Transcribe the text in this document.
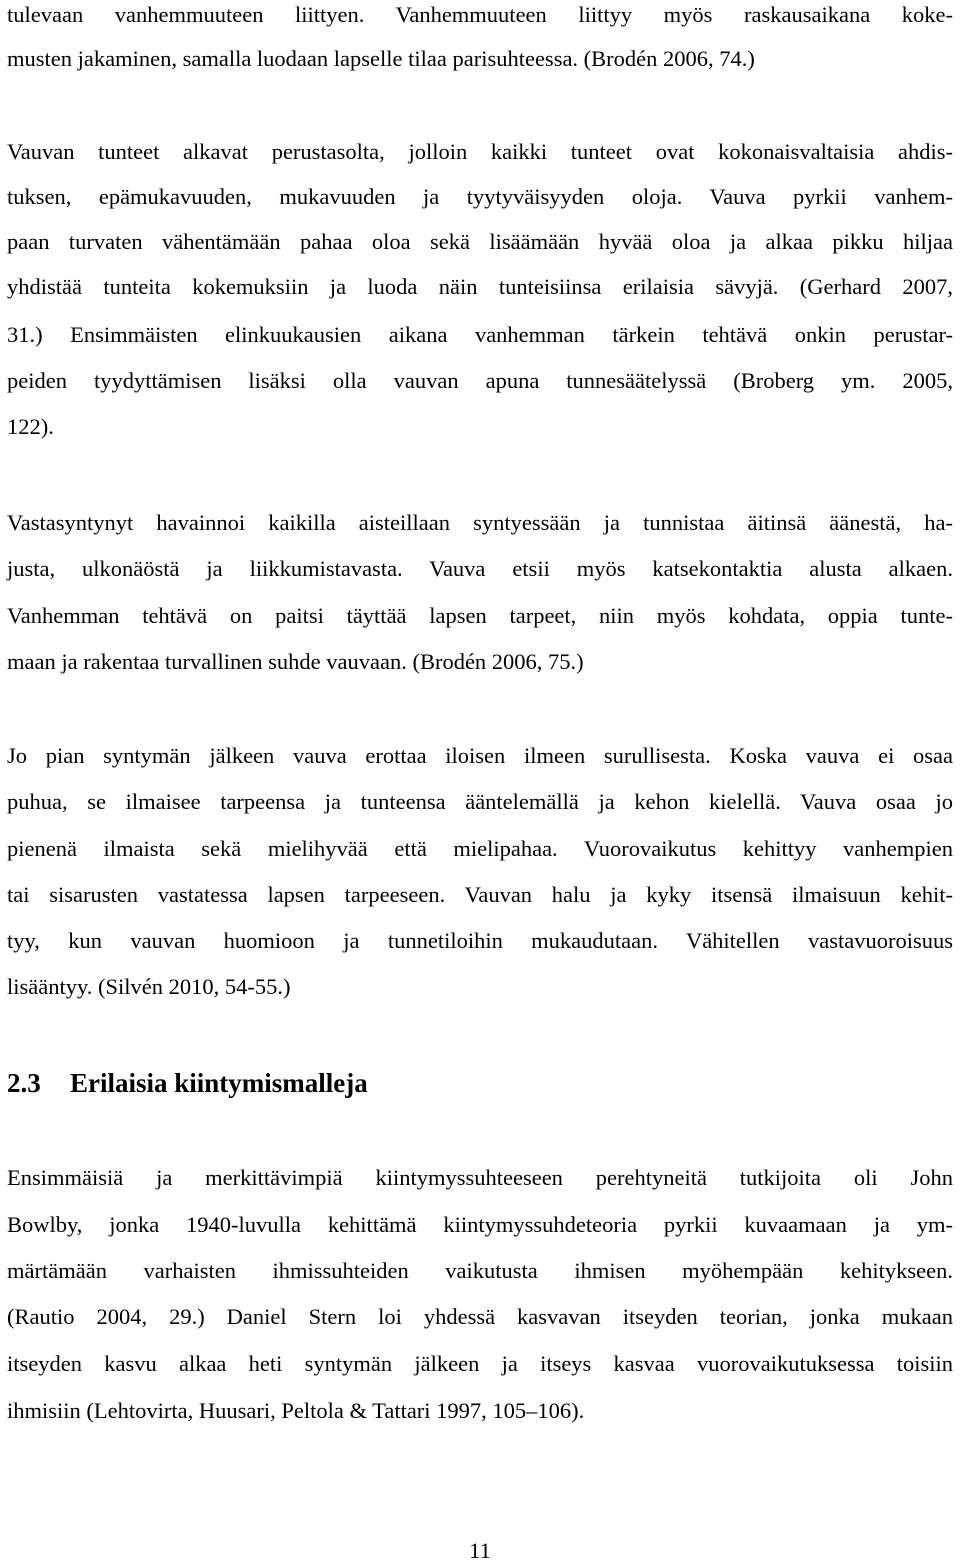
tulevaan vanhemmuuteen liittyen. Vanhemmuuteen liittyy myös raskausaikana koke-
musten jakaminen, samalla luodaan lapselle tilaa parisuhteessa. (Brodén 2006, 74.)
Vauvan tunteet alkavat perustasolta, jolloin kaikki tunteet ovat kokonaisvaltaisia ahdis-
tuksen, epämukavuuden, mukavuuden ja tyytyväisyyden oloja. Vauva pyrkii vanhem-
paan turvaten vähentämään pahaa oloa sekä lisäämään hyvää oloa ja alkaa pikku hiljaa
yhdistää tunteita kokemuksiin ja luoda näin tunteisiinsa erilaisia sävyjä. (Gerhard 2007,
31.) Ensimmäisten elinkuukausien aikana vanhemman tärkein tehtävä onkin perustar-
peiden tyydyttämisen lisäksi olla vauvan apuna tunnesäätelyssä (Broberg ym. 2005,
122).
Vastasyntynyt havainnoi kaikilla aisteillaan syntyessään ja tunnistaa äitinsä äänestä, ha-
justa, ulkonäöstä ja liikkumistavasta. Vauva etsii myös katsekontaktia alusta alkaen.
Vanhemman tehtävä on paitsi täyttää lapsen tarpeet, niin myös kohdata, oppia tunte-
maan ja rakentaa turvallinen suhde vauvaan. (Brodén 2006, 75.)
Jo pian syntymän jälkeen vauva erottaa iloisen ilmeen surullisesta. Koska vauva ei osaa
puhua, se ilmaisee tarpeensa ja tunteensa ääntelemällä ja kehon kielellä. Vauva osaa jo
pienenä ilmaista sekä mielihyvää että mielipahaa. Vuorovaikutus kehittyy vanhempien
tai sisarusten vastatessa lapsen tarpeeseen. Vauvan halu ja kyky itsensä ilmaisuun kehit-
tyy, kun vauvan huomioon ja tunnetiloihin mukaudutaan. Vähitellen vastavuoroisuus
lisääntyy. (Silvén 2010, 54-55.)
2.3 Erilaisia kiintymismalleja
Ensimmäisiä ja merkittävimpiä kiintymyssuhteeseen perehtyneitä tutkijoita oli John
Bowlby, jonka 1940-luvulla kehittämä kiintymyssuhdeteoria pyrkii kuvaamaan ja ym-
märtämään varhaisten ihmissuhteiden vaikutusta ihmisen myöhempään kehitykseen.
(Rautio 2004, 29.) Daniel Stern loi yhdessä kasvavan itseyden teorian, jonka mukaan
itseyden kasvu alkaa heti syntymän jälkeen ja itseys kasvaa vuorovaikutuksessa toisiin
ihmisiin (Lehtovirta, Huusari, Peltola & Tattari 1997, 105–106).
11
